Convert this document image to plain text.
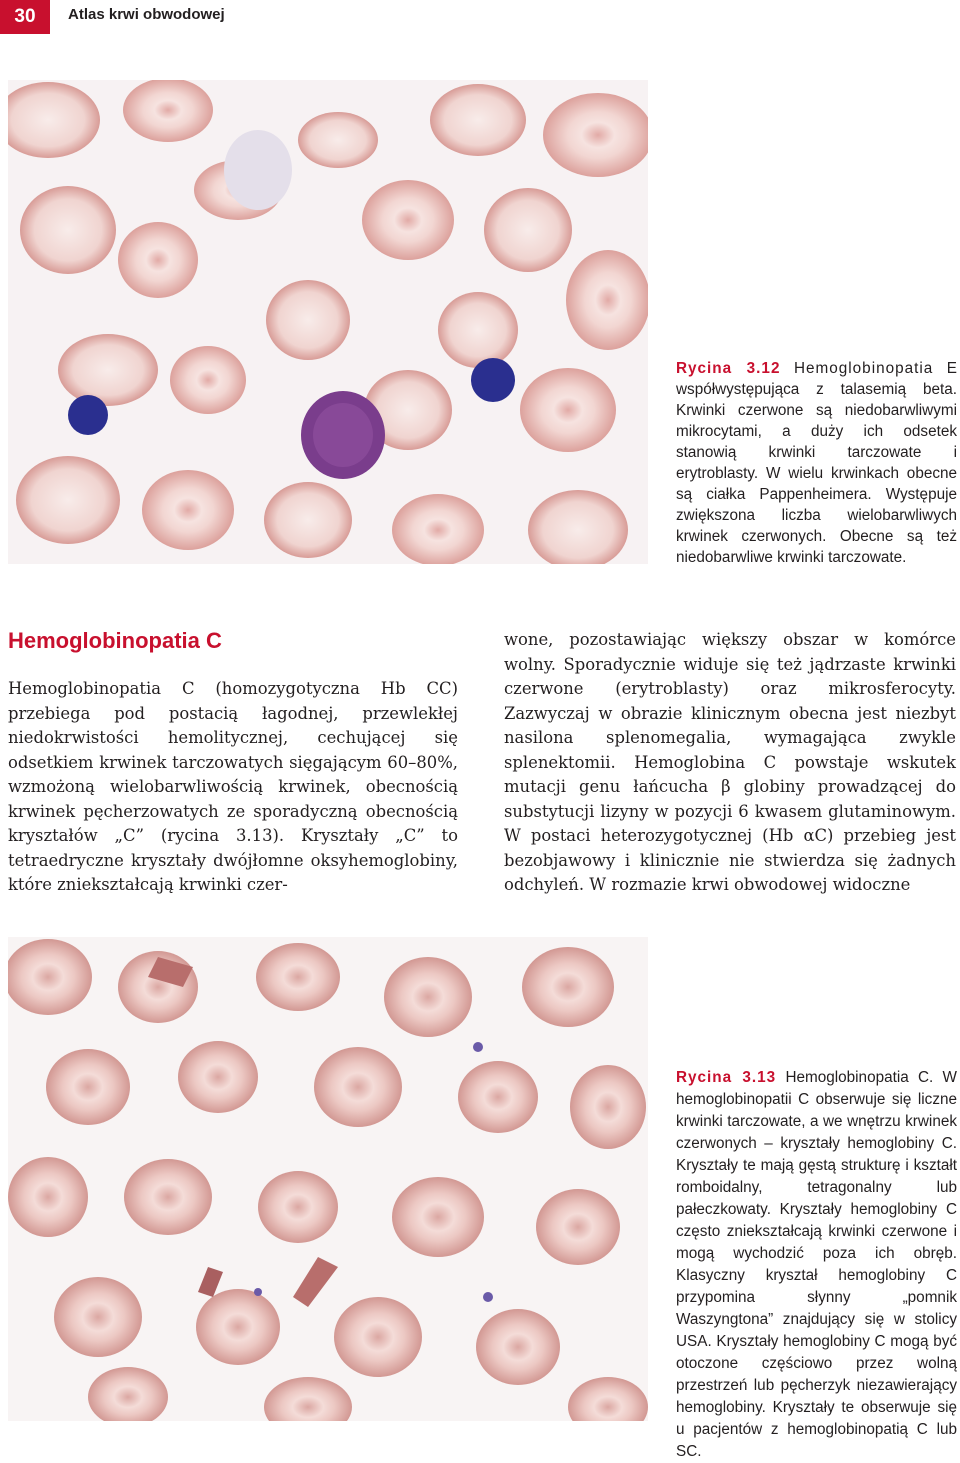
30	Atlas krwi obwodowej
Rycina 3.12 Hemoglobinopatia E współwystępująca z talasemią beta. Krwinki czerwone są niedobarwliwymi mikrocytami, a duży ich odsetek stanowią krwinki tarczowate i erytroblasty. W wielu krwinkach obecne są ciałka Pappenheimera. Występuje zwiększona liczba wielobarwliwych krwinek czerwonych. Obecne są też niedobarwliwe krwinki tarczowate.
Hemoglobinopatia C
Hemoglobinopatia C (homozygotyczna Hb CC) przebiega pod postacią łagodnej, przewlekłej niedokrwistości hemolitycznej, cechującej się odsetkiem krwinek tarczowatych sięgającym 60–80%, wzmożoną wielobarwliwością krwinek, obecnością krwinek pęcherzowatych ze sporadyczną obecnością kryształów „C” (rycina 3.13). Kryształy „C” to tetraedryczne kryształy dwójłomne oksyhemoglobiny, które zniekształcają krwinki czer-
wone, pozostawiając większy obszar w komórce wolny. Sporadycznie widuje się też jądrzaste krwinki czerwone (erytroblasty) oraz mikrosferocyty. Zazwyczaj w obrazie klinicznym obecna jest niezbyt nasilona splenomegalia, wymagająca zwykle splenektomii. Hemoglobina C powstaje wskutek mutacji genu łańcucha β globiny prowadzącej do substytucji lizyny w pozycji 6 kwasem glutaminowym. W postaci heterozygotycznej (Hb αC) przebieg jest bezobjawowy i klinicznie nie stwierdza się żadnych odchyleń. W rozmazie krwi obwodowej widoczne
Rycina 3.13 Hemoglobinopatia C. W hemoglobinopatii C obserwuje się liczne krwinki tarczowate, a we wnętrzu krwinek czerwonych – kryształy hemoglobiny C. Kryształy te mają gęstą strukturę i kształt romboidalny, tetragonalny lub pałeczkowaty. Kryształy hemoglobiny C często zniekształcają krwinki czerwone i mogą wychodzić poza ich obręb. Klasyczny kryształ hemoglobiny C przypomina słynny „pomnik Waszyngtona” znajdujący się w stolicy USA. Kryształy hemoglobiny C mogą być otoczone częściowo przez wolną przestrzeń lub pęcherzyk niezawierający hemoglobiny. Kryształy te obserwuje się u pacjentów z hemoglobinopatią C lub SC.
